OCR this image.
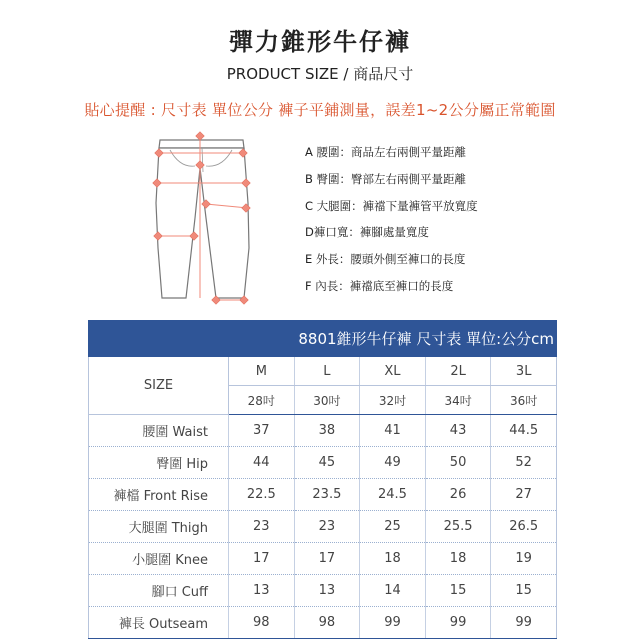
彈力錐形牛仔褲
PRODUCT SIZE / 商品尺寸
貼心提醒 : 尺寸表 單位公分 褲子平鋪測量，誤差1~2公分屬正常範圍
A 腰圍：商品左右兩側平量距離
B 臀圍：臀部左右兩側平量距離
C 大腿圍：褲襠下量褲管平放寬度
D褲口寬：褲腳處量寬度
E 外長：腰頭外側至褲口的長度
F 內長：褲襠底至褲口的長度
8801錐形牛仔褲 尺寸表 單位:公分cm					
SIZE	M	L	XL	2L	3L
	28吋	30吋	32吋	34吋	36吋
腰圍 Waist	37	38	41	43	44.5
臀圍 Hip	44	45	49	50	52
褲檔 Front Rise	22.5	23.5	24.5	26	27
大腿圍 Thigh	23	23	25	25.5	26.5
小腿圍 Knee	17	17	18	18	19
腳口 Cuff	13	13	14	15	15
褲長 Outseam	98	98	99	99	99
